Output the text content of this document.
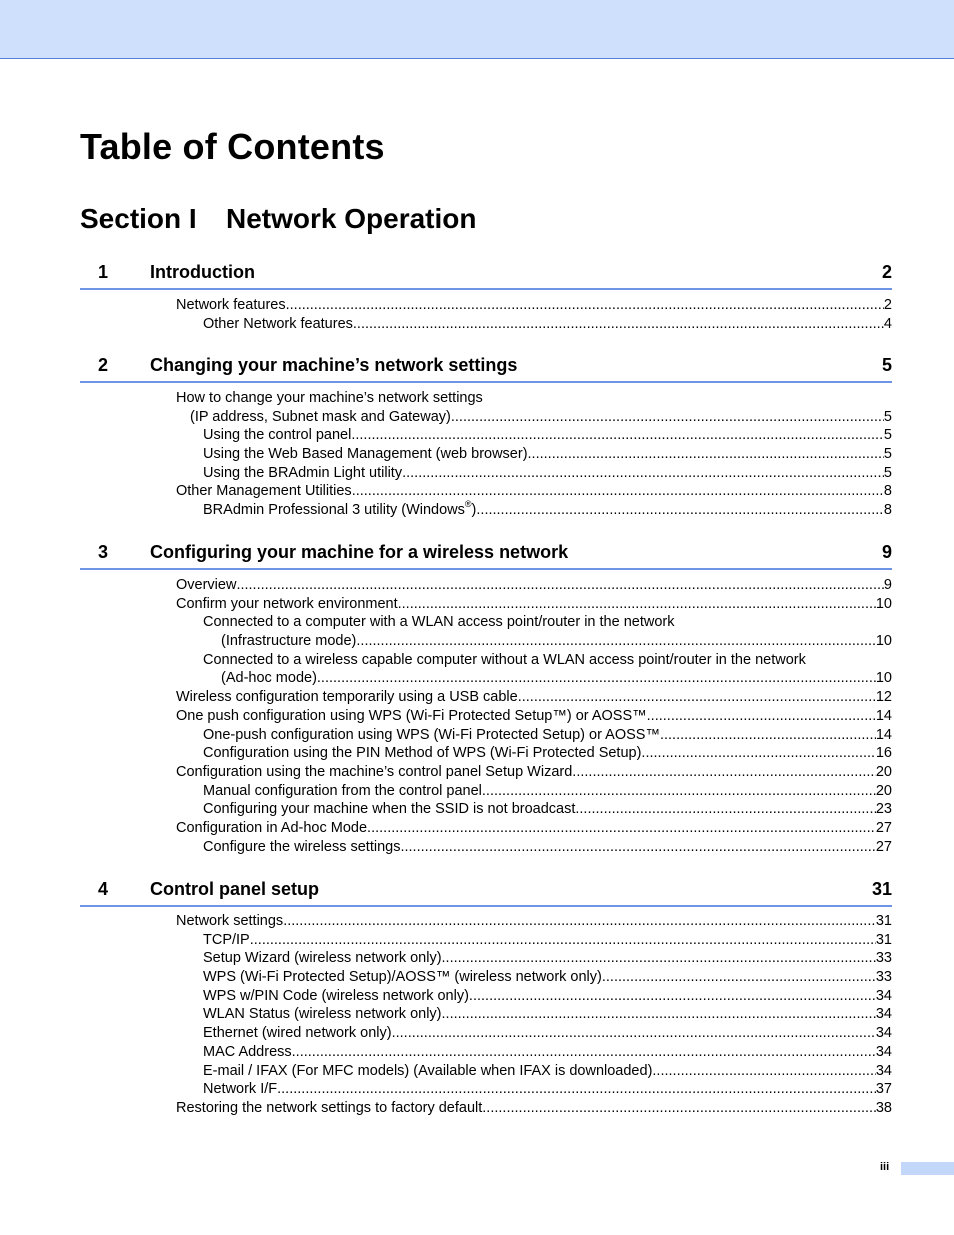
Table of Contents
Section I Network Operation
1 Introduction	2
Network features .....	2
Other Network features .....	4
2 Changing your machine’s network settings	5
How to change your machine’s network settings
(IP address, Subnet mask and Gateway) .....	5
Using the control panel .....	5
Using the Web Based Management (web browser) .....	5
Using the BRAdmin Light utility .....	5
Other Management Utilities .....	8
BRAdmin Professional 3 utility (Windows®) .....	8
3 Configuring your machine for a wireless network	9
Overview .....	9
Confirm your network environment .....	10
Connected to a computer with a WLAN access point/router in the network
(Infrastructure mode) .....	10
Connected to a wireless capable computer without a WLAN access point/router in the network
(Ad-hoc mode) .....	10
Wireless configuration temporarily using a USB cable .....	12
One push configuration using WPS (Wi-Fi Protected Setup™) or AOSS™ .....	14
One-push configuration using WPS (Wi-Fi Protected Setup) or AOSS™ .....	14
Configuration using the PIN Method of WPS (Wi-Fi Protected Setup) .....	16
Configuration using the machine’s control panel Setup Wizard .....	20
Manual configuration from the control panel .....	20
Configuring your machine when the SSID is not broadcast .....	23
Configuration in Ad-hoc Mode .....	27
Configure the wireless settings .....	27
4 Control panel setup	31
Network settings .....	31
TCP/IP .....	31
Setup Wizard (wireless network only) .....	33
WPS (Wi-Fi Protected Setup)/AOSS™ (wireless network only) .....	33
WPS w/PIN Code (wireless network only) .....	34
WLAN Status (wireless network only) .....	34
Ethernet (wired network only) .....	34
MAC Address .....	34
E-mail / IFAX (For MFC models) (Available when IFAX is downloaded) .....	34
Network I/F .....	37
Restoring the network settings to factory default .....	38
iii
